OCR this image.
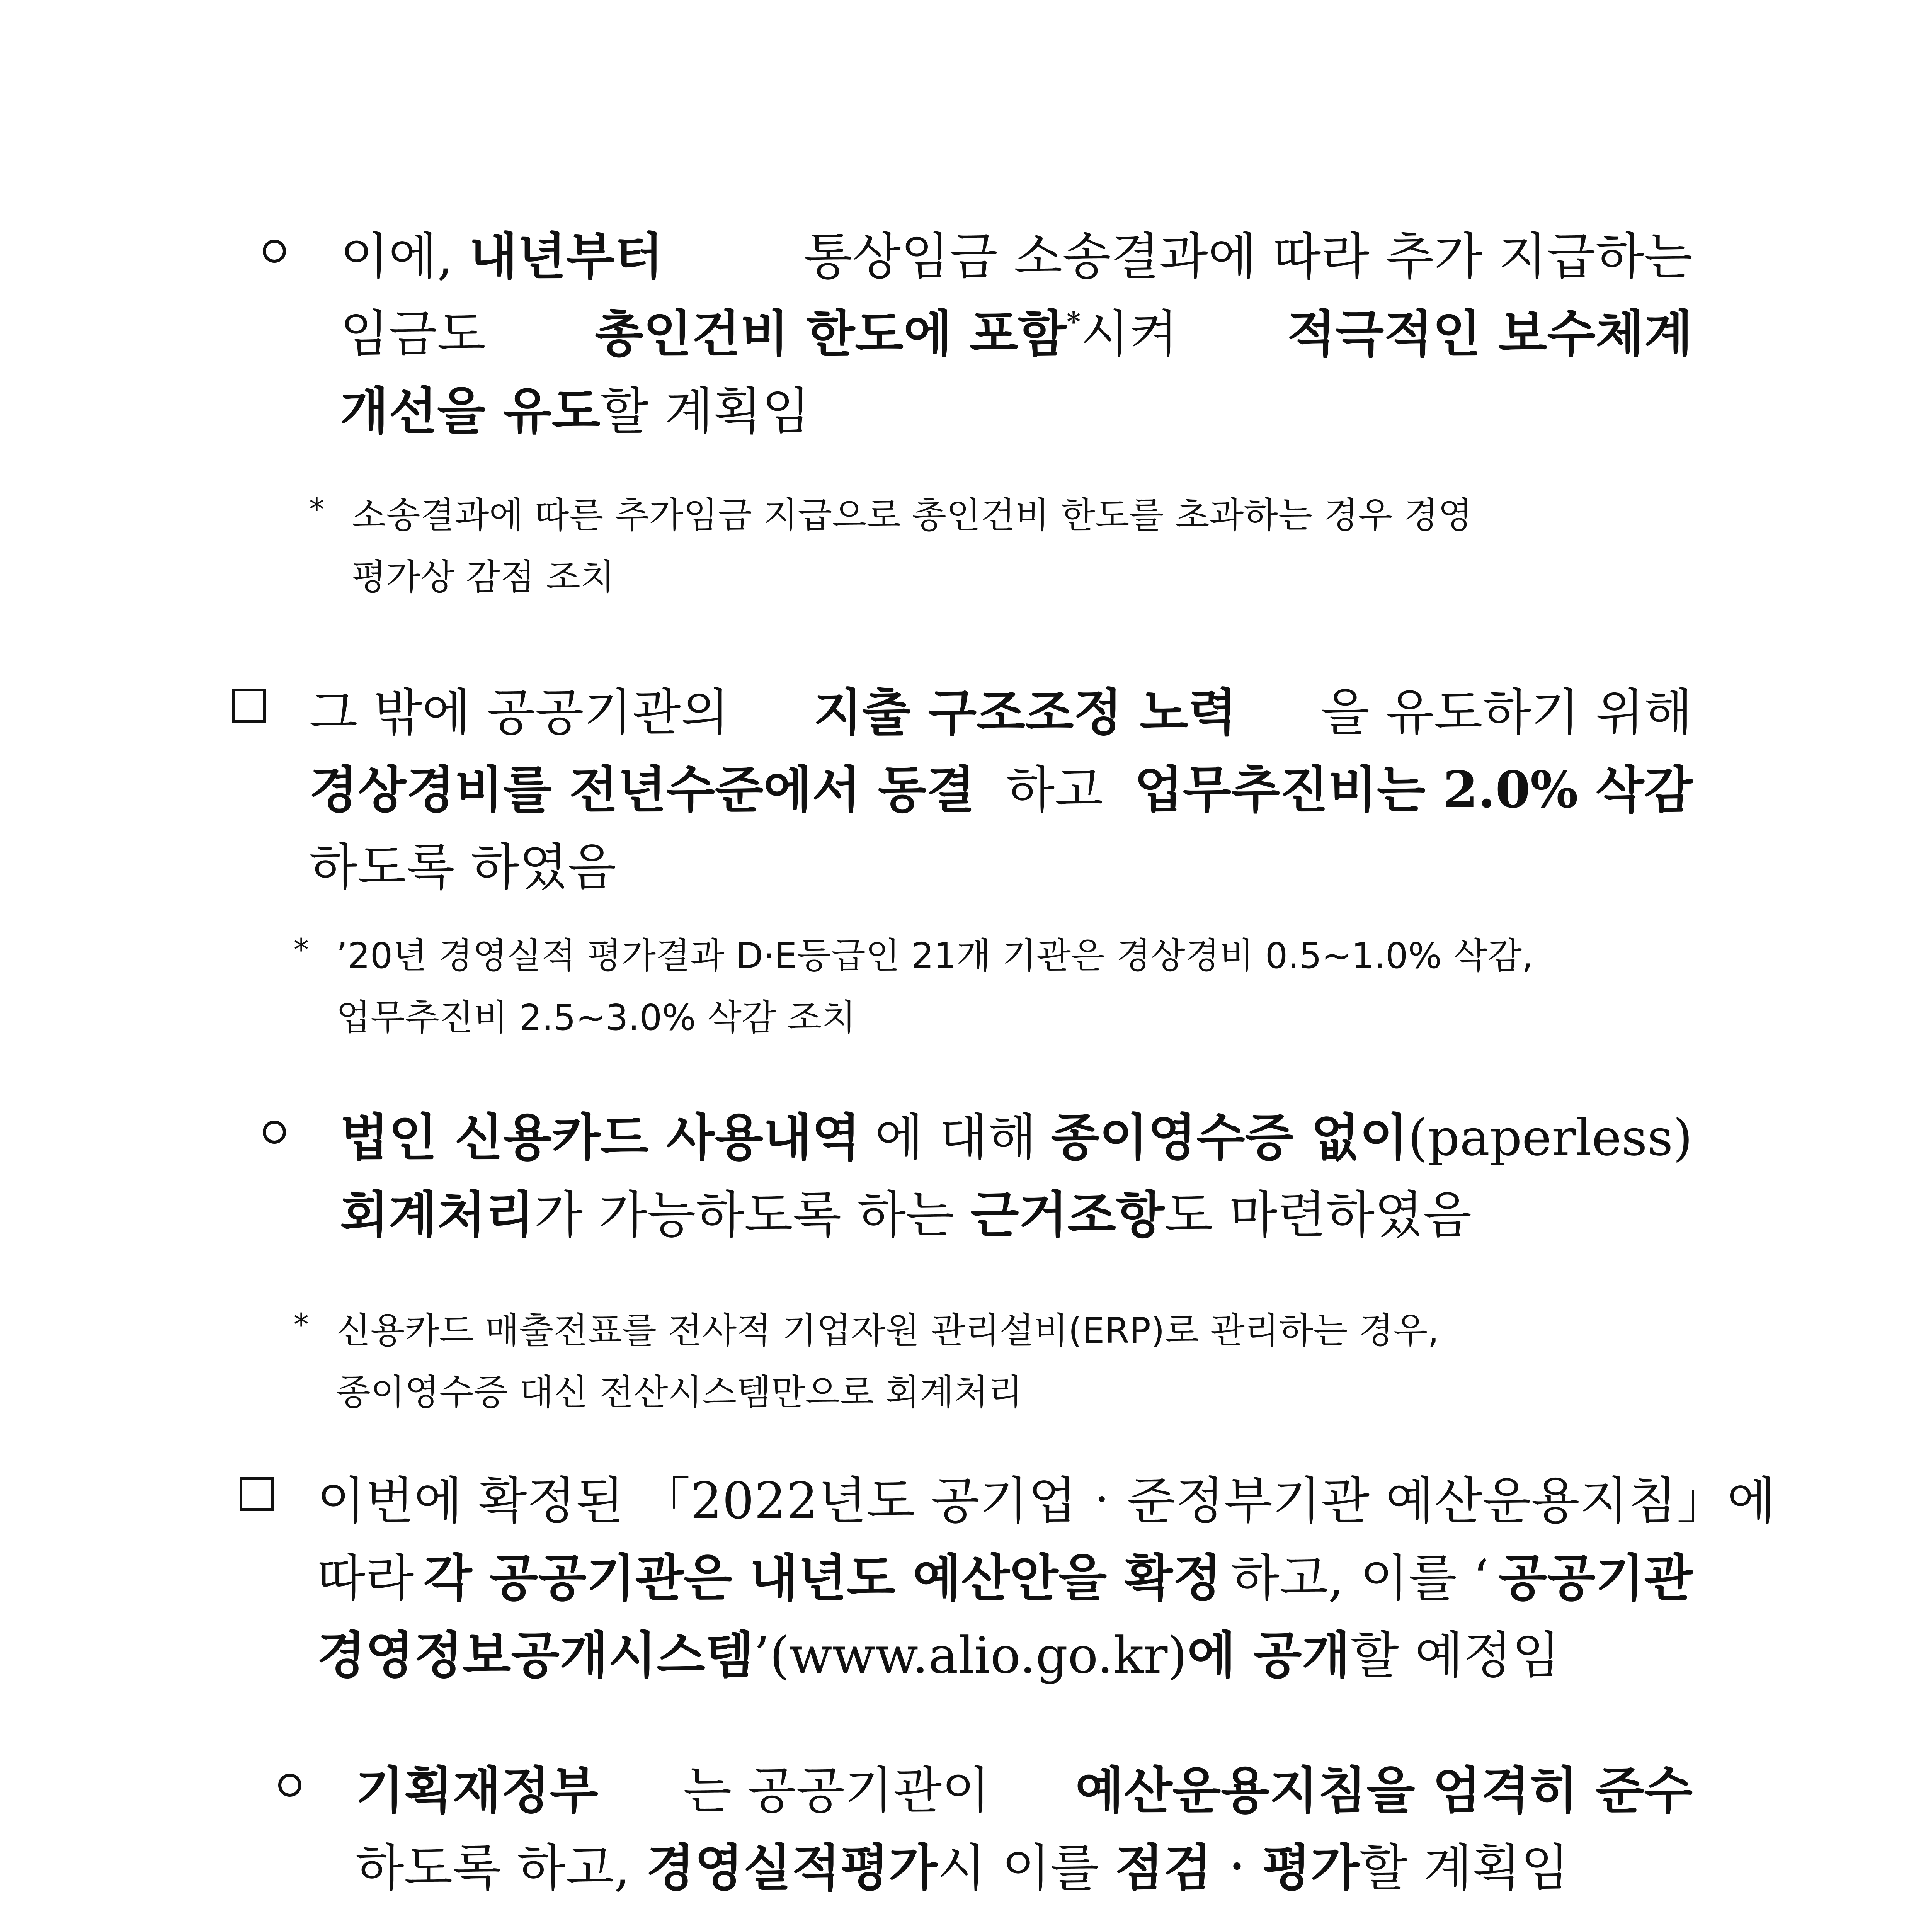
이에, 내년부터	통상임금 소송결과에 따라 추가 지급하는
임금도 총인건비 한도에 포함*시켜 적극적인 보수체계
개선을 유도할 계획임
* 소송결과에 따른 추가임금 지급으로 총인건비 한도를 초과하는 경우 경영
평가상 감점 조치
그 밖에 공공기관의 지출 구조조정 노력 을 유도하기 위해
경상경비를 전년수준에서 동결 하고 업무추진비는 2.0% 삭감
하도록 하였음
* ’20년 경영실적 평가결과 D·E등급인 21개 기관은 경상경비 0.5∼1.0% 삭감,
업무추진비 2.5∼3.0% 삭감 조치
법인 신용카드 사용내역 에 대해 종이영수증 없이(paperless)
회계처리가 가능하도록 하는 근거조항도 마련하였음
* 신용카드 매출전표를 전사적 기업자원 관리설비(ERP)로 관리하는 경우,
종이영수증 대신 전산시스템만으로 회계처리
이번에 확정된 「2022년도 공기업‧준정부기관 예산운용지침」에
따라 각 공공기관은 내년도 예산안을 확정 하고, 이를 ‘ 공공기관
경영정보공개시스템’(www.alio.go.kr)에 공개할 예정임
기획재정부 는 공공기관이 예산운용지침을 엄격히 준수
하도록 하고, 경영실적평가시 이를 점검‧평가할 계획임
